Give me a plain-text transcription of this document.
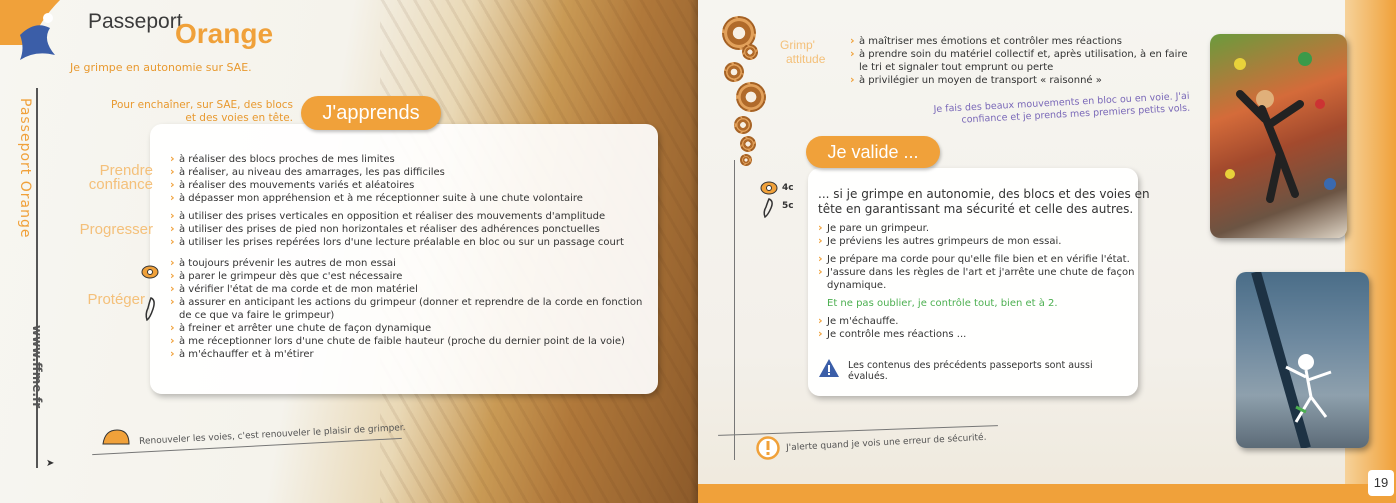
Passeport
Orange
Je grimpe en autonomie sur SAE.
Passeport Orange
www.ffme.fr
Pour enchaîner, sur SAE, des blocs et des voies en tête.	J'apprends
Prendre confiance
Progresser
Protéger
› à réaliser des blocs proches de mes limites
› à réaliser, au niveau des amarrages, les pas difficiles
› à réaliser des mouvements variés et aléatoires
› à dépasser mon appréhension et à me réceptionner suite à une chute volontaire
› à utiliser des prises verticales en opposition et réaliser des mouvements d'amplitude
› à utiliser des prises de pied non horizontales et réaliser des adhérences ponctuelles
› à utiliser les prises repérées lors d'une lecture préalable en bloc ou sur un passage court
› à toujours prévenir les autres de mon essai
› à parer le grimpeur dès que c'est nécessaire
› à vérifier l'état de ma corde et de mon matériel
› à assurer en anticipant les actions du grimpeur (donner et reprendre de la corde en fonction de ce que va faire le grimpeur)
› à freiner et arrêter une chute de façon dynamique
› à me réceptionner lors d'une chute de faible hauteur (proche du dernier point de la voie)
› à m'échauffer et à m'étirer
Renouveler les voies, c'est renouveler le plaisir de grimper.
➤
Grimp'
attitude
› à maîtriser mes émotions et contrôler mes réactions
› à prendre soin du matériel collectif et, après utilisation, à en faire le tri et signaler tout emprunt ou perte
› à privilégier un moyen de transport « raisonné »
Je fais des beaux mouvements en bloc ou en voie. J'ai confiance et je prends mes premiers petits vols.
Je valide ...
4c
5c
... si je grimpe en autonomie, des blocs et des voies en tête en garantissant ma sécurité et celle des autres.
› Je pare un grimpeur.
› Je préviens les autres grimpeurs de mon essai.
› Je prépare ma corde pour qu'elle file bien et en vérifie l'état.
› J'assure dans les règles de l'art et j'arrête une chute de façon dynamique.
Et ne pas oublier, je contrôle tout, bien et à 2.
› Je m'échauffe.
› Je contrôle mes réactions ...
Les contenus des précédents passeports sont aussi évalués.
J'alerte quand je vois une erreur de sécurité.
19
